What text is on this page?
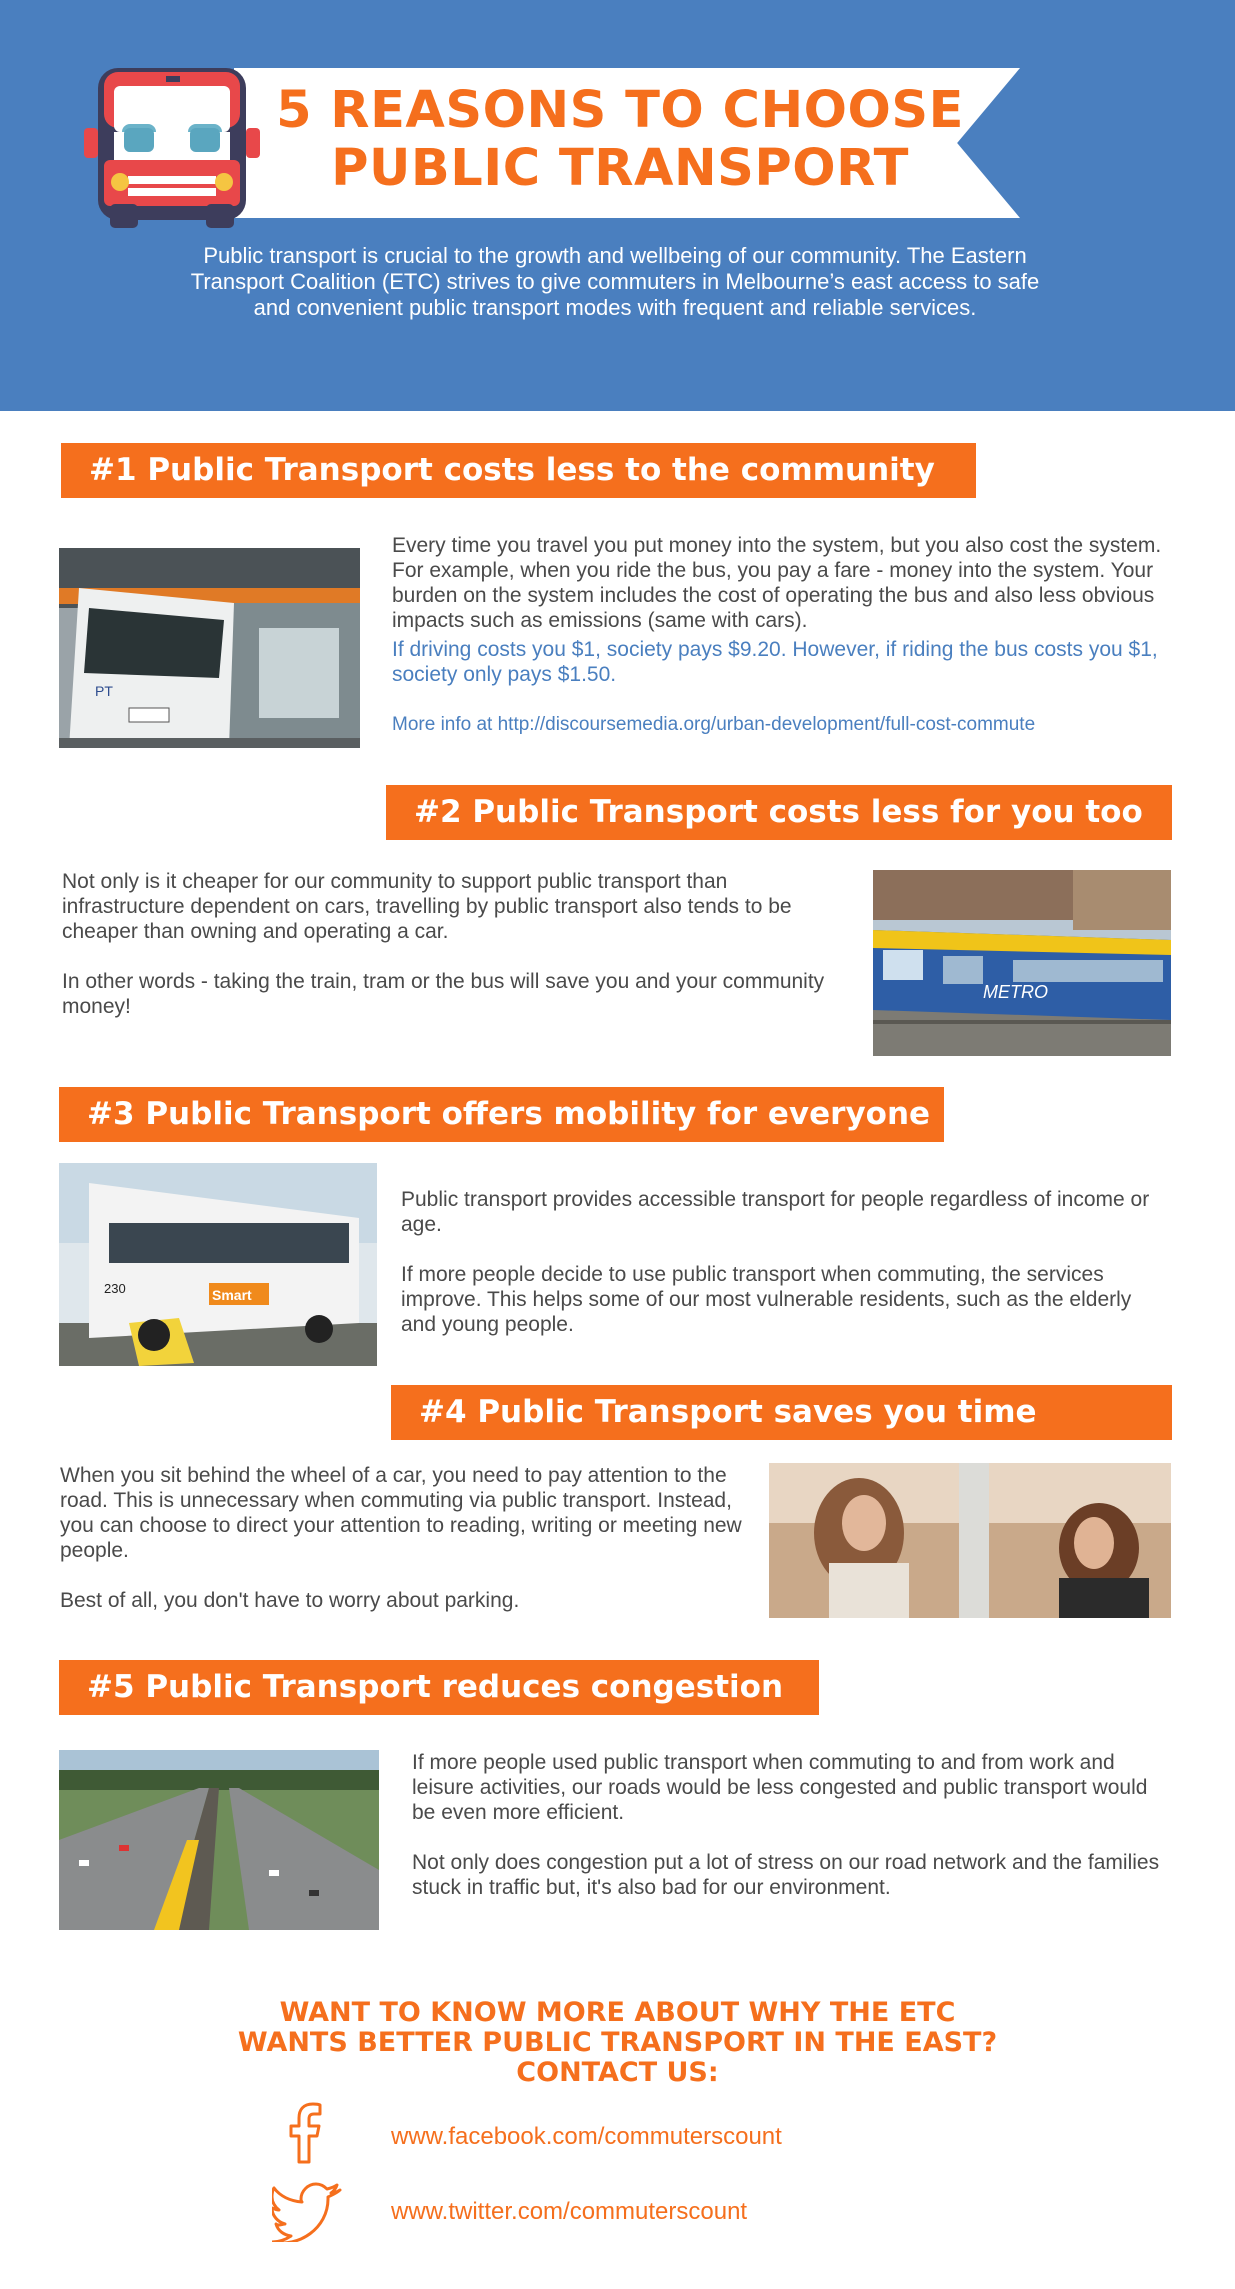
5 REASONS TO CHOOSE
PUBLIC TRANSPORT
Public transport is crucial to the growth and wellbeing of our community. The Eastern Transport Coalition (ETC) strives to give commuters in Melbourne’s east access to safe and convenient public transport modes with frequent and reliable services.
#1 Public Transport costs less to the community
PT

Every time you travel you put money into the system, but you also cost the system. For example, when you ride the bus, you pay a fare - money into the system. Your burden on the system includes the cost of operating the bus and also less obvious impacts such as emissions (same with cars).

If driving costs you $1, society pays $9.20. However, if riding the bus costs you $1, society only pays $1.50.

More info at http://discoursemedia.org/urban-development/full-cost-commute

#2 Public Transport costs less for you too

Not only is it cheaper for our community to support public transport than infrastructure dependent on cars, travelling by public transport also tends to be cheaper than owning and operating a car.

In other words - taking the train, tram or the bus will save you and your community money!

METRO
#3 Public Transport offers mobility for everyone
Smart
230

Public transport provides accessible transport for people regardless of income or age.

If more people decide to use public transport when commuting, the services improve. This helps some of our most vulnerable residents, such as the elderly and young people.

#4 Public Transport saves you time

When you sit behind the wheel of a car, you need to pay attention to the road. This is unnecessary when commuting via public transport. Instead, you can choose to direct your attention to reading, writing or meeting new people.

Best of all, you don't have to worry about parking.

#5 Public Transport reduces congestion

If more people used public transport when commuting to and from work and leisure activities, our roads would be less congested and public transport would be even more efficient.

Not only does congestion put a lot of stress on our road network and the families stuck in traffic but, it's also bad for our environment.

WANT TO KNOW MORE ABOUT WHY THE ETC
WANTS BETTER PUBLIC TRANSPORT IN THE EAST?
CONTACT US:
www.facebook.com/commuterscount
www.twitter.com/commuterscount
